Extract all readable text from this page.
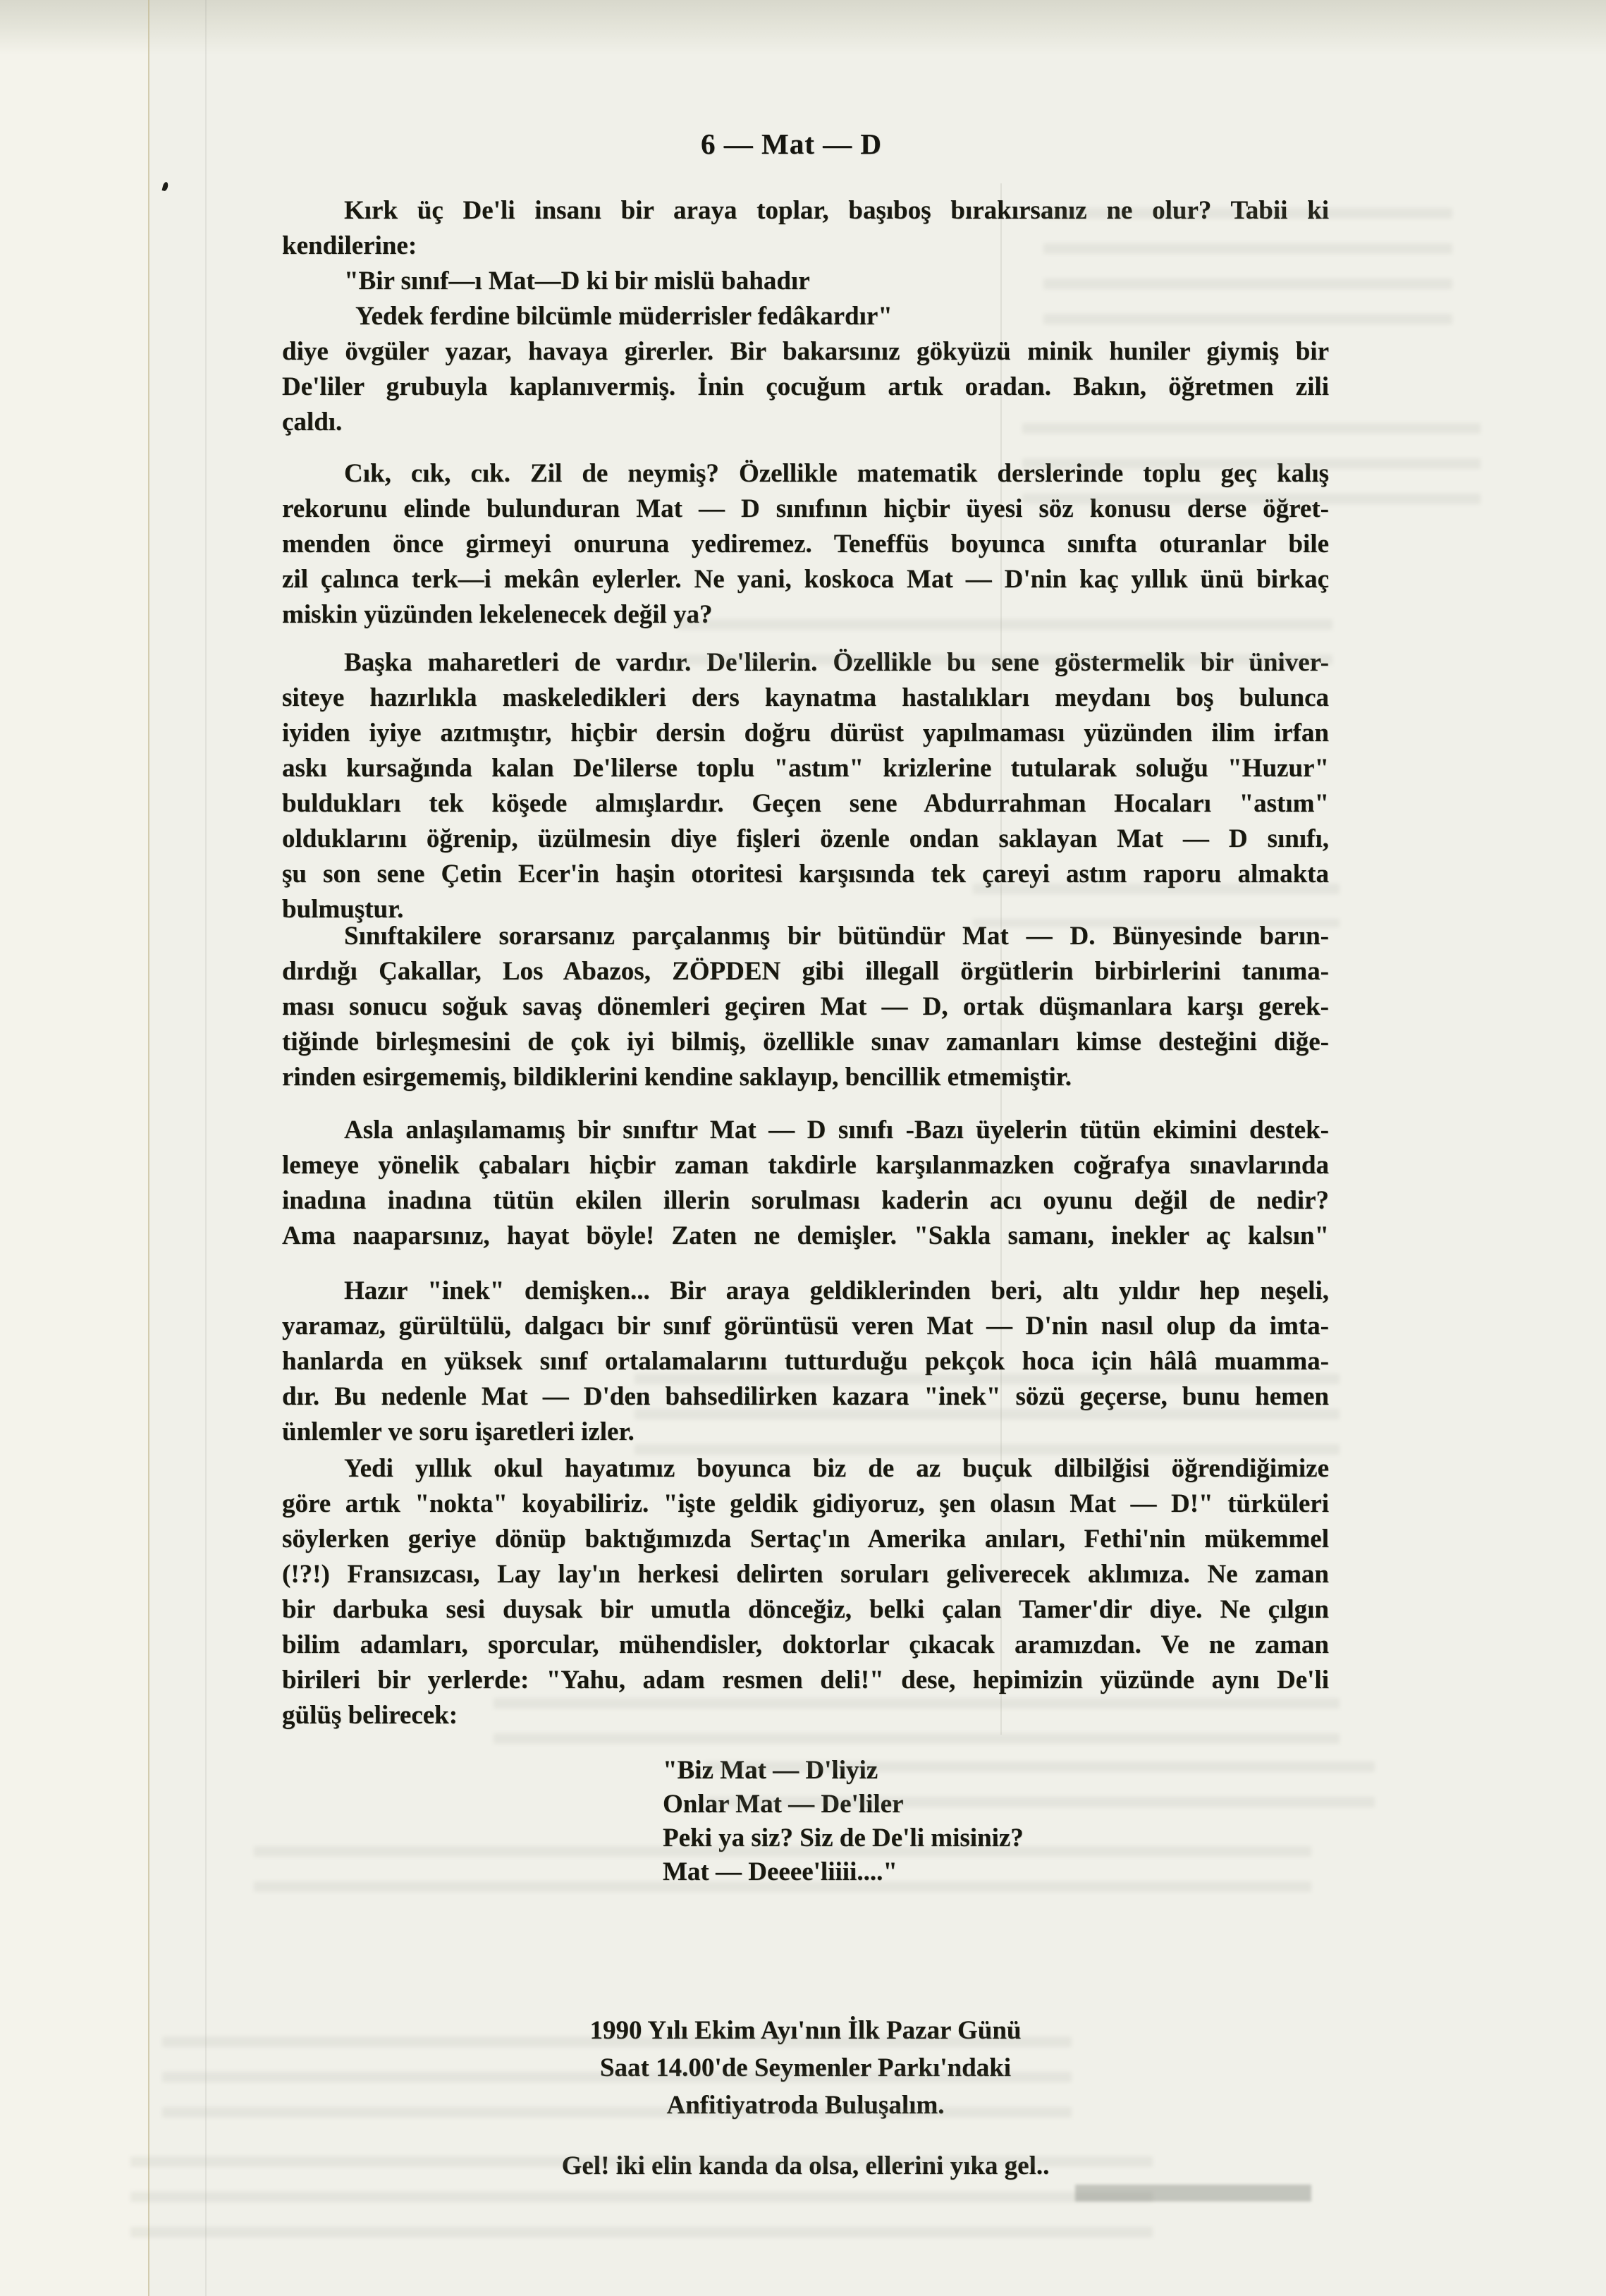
6 — Mat — D
Kırk üç De'li insanı bir araya toplar, başıboş bırakırsanız ne olur? Tabii ki
kendilerine:
"Bir sınıf—ı Mat—D ki bir mislü bahadır
Yedek ferdine bilcümle müderrisler fedâkardır"
diye övgüler yazar, havaya girerler. Bir bakarsınız gökyüzü minik huniler giymiş bir
De'liler grubuyla kaplanıvermiş. İnin çocuğum artık oradan. Bakın, öğretmen zili
çaldı.
Cık, cık, cık. Zil de neymiş? Özellikle matematik derslerinde toplu geç kalış
rekorunu elinde bulunduran Mat — D sınıfının hiçbir üyesi söz konusu derse öğret-
menden önce girmeyi onuruna yediremez. Teneffüs boyunca sınıfta oturanlar bile
zil çalınca terk—i mekân eylerler. Ne yani, koskoca Mat — D'nin kaç yıllık ünü birkaç
miskin yüzünden lekelenecek değil ya?
Başka maharetleri de vardır. De'lilerin. Özellikle bu sene göstermelik bir üniver-
siteye hazırlıkla maskeledikleri ders kaynatma hastalıkları meydanı boş bulunca
iyiden iyiye azıtmıştır, hiçbir dersin doğru dürüst yapılmaması yüzünden ilim irfan
askı kursağında kalan De'lilerse toplu "astım" krizlerine tutularak soluğu "Huzur"
buldukları tek köşede almışlardır. Geçen sene Abdurrahman Hocaları "astım"
olduklarını öğrenip, üzülmesin diye fişleri özenle ondan saklayan Mat — D sınıfı,
şu son sene Çetin Ecer'in haşin otoritesi karşısında tek çareyi astım raporu almakta
bulmuştur.
Sınıftakilere sorarsanız parçalanmış bir bütündür Mat — D. Bünyesinde barın-
dırdığı Çakallar, Los Abazos, ZÖPDEN gibi illegall örgütlerin birbirlerini tanıma-
ması sonucu soğuk savaş dönemleri geçiren Mat — D, ortak düşmanlara karşı gerek-
tiğinde birleşmesini de çok iyi bilmiş, özellikle sınav zamanları kimse desteğini diğe-
rinden esirgememiş, bildiklerini kendine saklayıp, bencillik etmemiştir.
Asla anlaşılamamış bir sınıftır Mat — D sınıfı -Bazı üyelerin tütün ekimini destek-
lemeye yönelik çabaları hiçbir zaman takdirle karşılanmazken coğrafya sınavlarında
inadına inadına tütün ekilen illerin sorulması kaderin acı oyunu değil de nedir?
Ama naaparsınız, hayat böyle! Zaten ne demişler. "Sakla samanı, inekler aç kalsın"
Hazır "inek" demişken... Bir araya geldiklerinden beri, altı yıldır hep neşeli,
yaramaz, gürültülü, dalgacı bir sınıf görüntüsü veren Mat — D'nin nasıl olup da imta-
hanlarda en yüksek sınıf ortalamalarını tutturduğu pekçok hoca için hâlâ muamma-
dır. Bu nedenle Mat — D'den bahsedilirken kazara "inek" sözü geçerse, bunu hemen
ünlemler ve soru işaretleri izler.
Yedi yıllık okul hayatımız boyunca biz de az buçuk dilbilğisi öğrendiğimize
göre artık "nokta" koyabiliriz. "işte geldik gidiyoruz, şen olasın Mat — D!" türküleri
söylerken geriye dönüp baktığımızda Sertaç'ın Amerika anıları, Fethi'nin mükemmel
(!?!) Fransızcası, Lay lay'ın herkesi delirten soruları geliverecek aklımıza. Ne zaman
bir darbuka sesi duysak bir umutla dönceğiz, belki çalan Tamer'dir diye. Ne çılgın
bilim adamları, sporcular, mühendisler, doktorlar çıkacak aramızdan. Ve ne zaman
birileri bir yerlerde: "Yahu, adam resmen deli!" dese, hepimizin yüzünde aynı De'li
gülüş belirecek:
"Biz Mat — D'liyiz
Onlar Mat — De'liler
Peki ya siz? Siz de De'li misiniz?
Mat — Deeee'liiii...."
1990 Yılı Ekim Ayı'nın İlk Pazar Günü
Saat 14.00'de Seymenler Parkı'ndaki
Anfitiyatroda Buluşalım.
Gel! iki elin kanda da olsa, ellerini yıka gel..
